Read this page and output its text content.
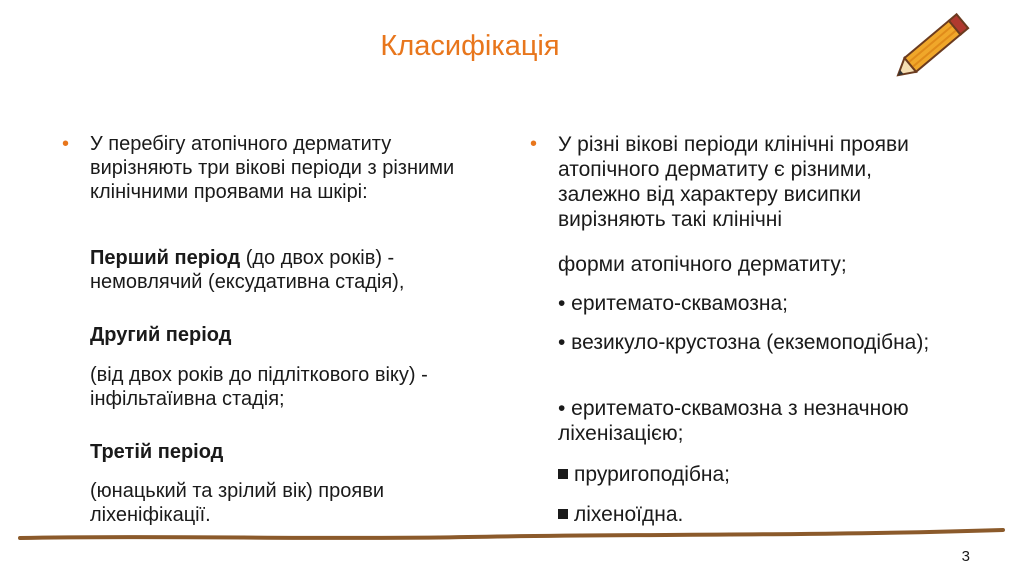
Класифікація
• У перебігу атопічного дерматиту вирізняють три вікові періоди з різними клінічними проявами на шкірі:
Перший період (до двох років) - немовлячий (ексудативна стадія),
Другий період
(від двох років до підліткового віку) - інфільтаїивна стадія;
Третій період
(юнацький та зрілий вік) прояви ліхеніфікації.
• У різні вікові періоди клінічні прояви атопічного дерматиту є різними, залежно від характеру висипки вирізняють такі клінічні
форми атопічного дерматиту;
• еритемато-сквамозна;
• везикуло-крустозна (екземоподібна);
• еритемато-сквамозна з незначною ліхенізацією;
пруригоподібна;
ліхеноїдна.
3
